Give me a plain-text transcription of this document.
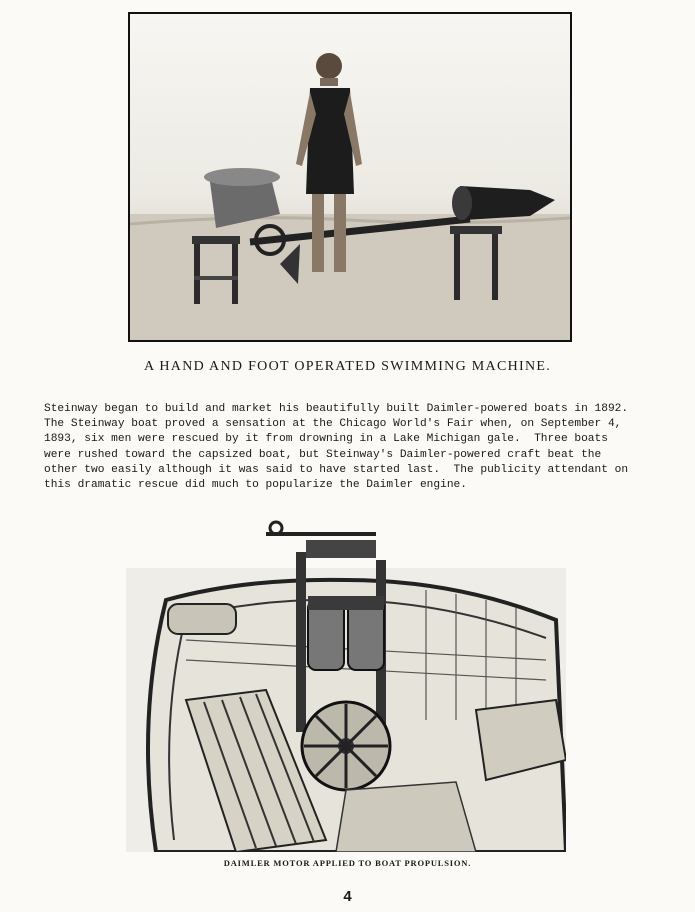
A HAND AND FOOT OPERATED SWIMMING MACHINE.
Steinway began to build and market his beautifully built Daimler-powered boats in 1892.
The Steinway boat proved a sensation at the Chicago World's Fair when, on September 4,
1893, six men were rescued by it from drowning in a Lake Michigan gale.  Three boats
were rushed toward the capsized boat, but Steinway's Daimler-powered craft beat the
other two easily although it was said to have started last.  The publicity attendant on
this dramatic rescue did much to popularize the Daimler engine.
DAIMLER MOTOR APPLIED TO BOAT PROPULSION.
4
